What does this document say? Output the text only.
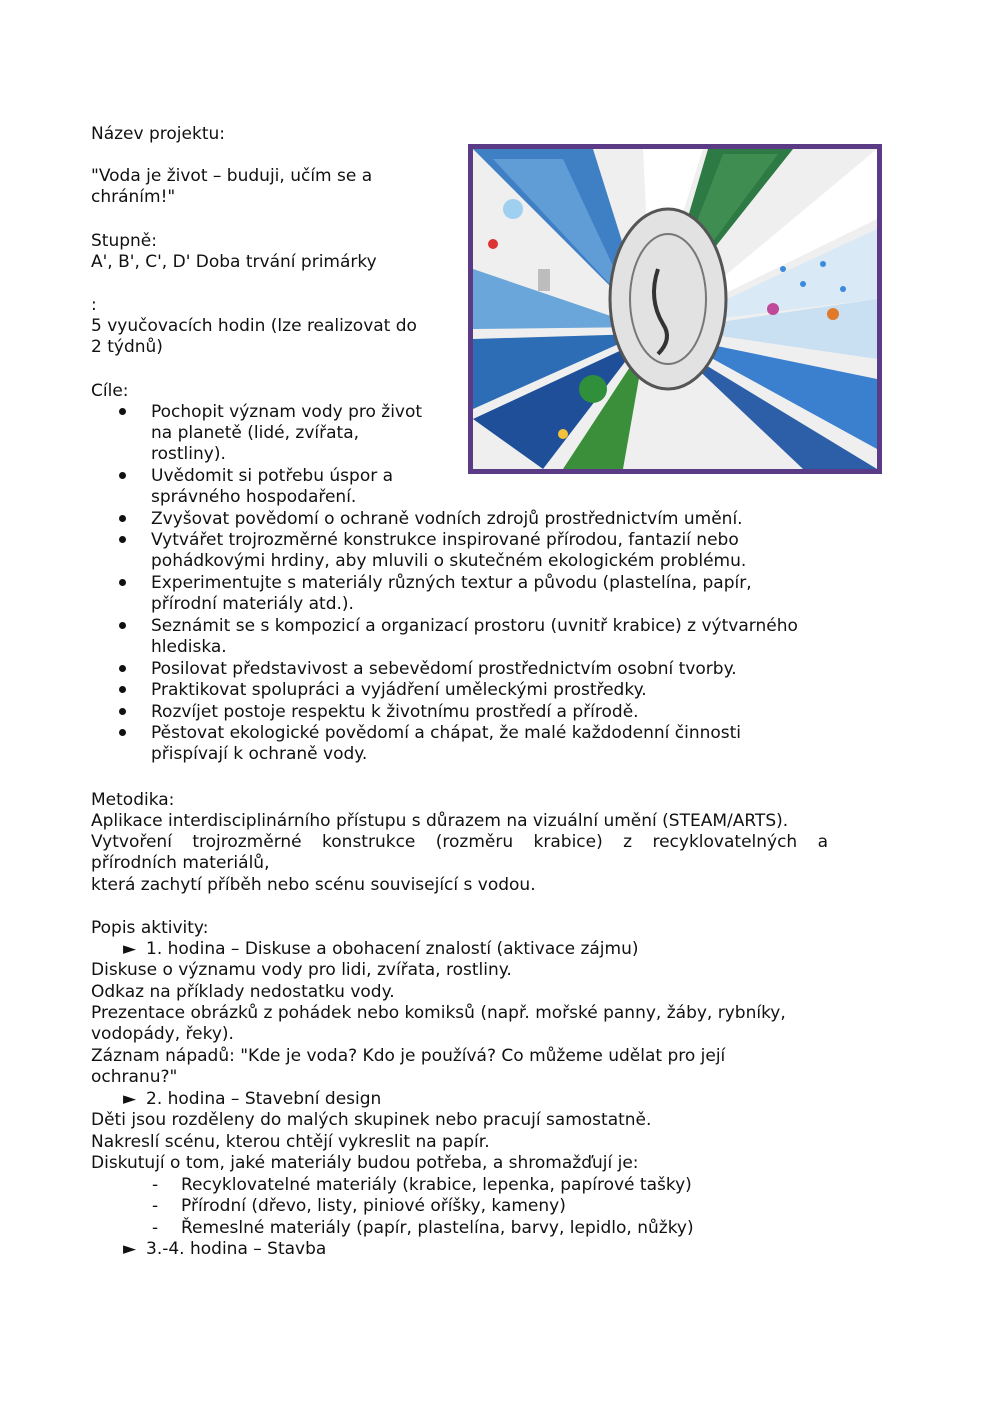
Název projektu:
"Voda je život – buduji, učím se a
chráním!"
Stupně:
A', B', C', D' Doba trvání primárky
:
5 vyučovacích hodin (lze realizovat do
2 týdnů)
Cíle:
Pochopit význam vody pro život
na planetě (lidé, zvířata,
rostliny).
Uvědomit si potřebu úspor a
správného hospodaření.
Zvyšovat povědomí o ochraně vodních zdrojů prostřednictvím umění.
Vytvářet trojrozměrné konstrukce inspirované přírodou, fantazií nebo
pohádkovými hrdiny, aby mluvili o skutečném ekologickém problému.
Experimentujte s materiály různých textur a původu (plastelína, papír,
přírodní materiály atd.).
Seznámit se s kompozicí a organizací prostoru (uvnitř krabice) z výtvarného
hlediska.
Posilovat představivost a sebevědomí prostřednictvím osobní tvorby.
Praktikovat spolupráci a vyjádření uměleckými prostředky.
Rozvíjet postoje respektu k životnímu prostředí a přírodě.
Pěstovat ekologické povědomí a chápat, že malé každodenní činnosti
přispívají k ochraně vody.
Metodika:
Aplikace interdisciplinárního přístupu s důrazem na vizuální umění (STEAM/ARTS).
Vytvoření trojrozměrné konstrukce (rozměru krabice) z recyklovatelných a
přírodních materiálů,
která zachytí příběh nebo scénu související s vodou.
Popis aktivity:
► 1. hodina – Diskuse a obohacení znalostí (aktivace zájmu)
Diskuse o významu vody pro lidi, zvířata, rostliny.
Odkaz na příklady nedostatku vody.
Prezentace obrázků z pohádek nebo komiksů (např. mořské panny, žáby, rybníky,
vodopády, řeky).
Záznam nápadů: "Kde je voda? Kdo je používá? Co můžeme udělat pro její
ochranu?"
► 2. hodina – Stavební design
Děti jsou rozděleny do malých skupinek nebo pracují samostatně.
Nakreslí scénu, kterou chtějí vykreslit na papír.
Diskutují o tom, jaké materiály budou potřeba, a shromažďují je:
- Recyklovatelné materiály (krabice, lepenka, papírové tašky)
- Přírodní (dřevo, listy, piniové oříšky, kameny)
- Řemeslné materiály (papír, plastelína, barvy, lepidlo, nůžky)
► 3.-4. hodina – Stavba
